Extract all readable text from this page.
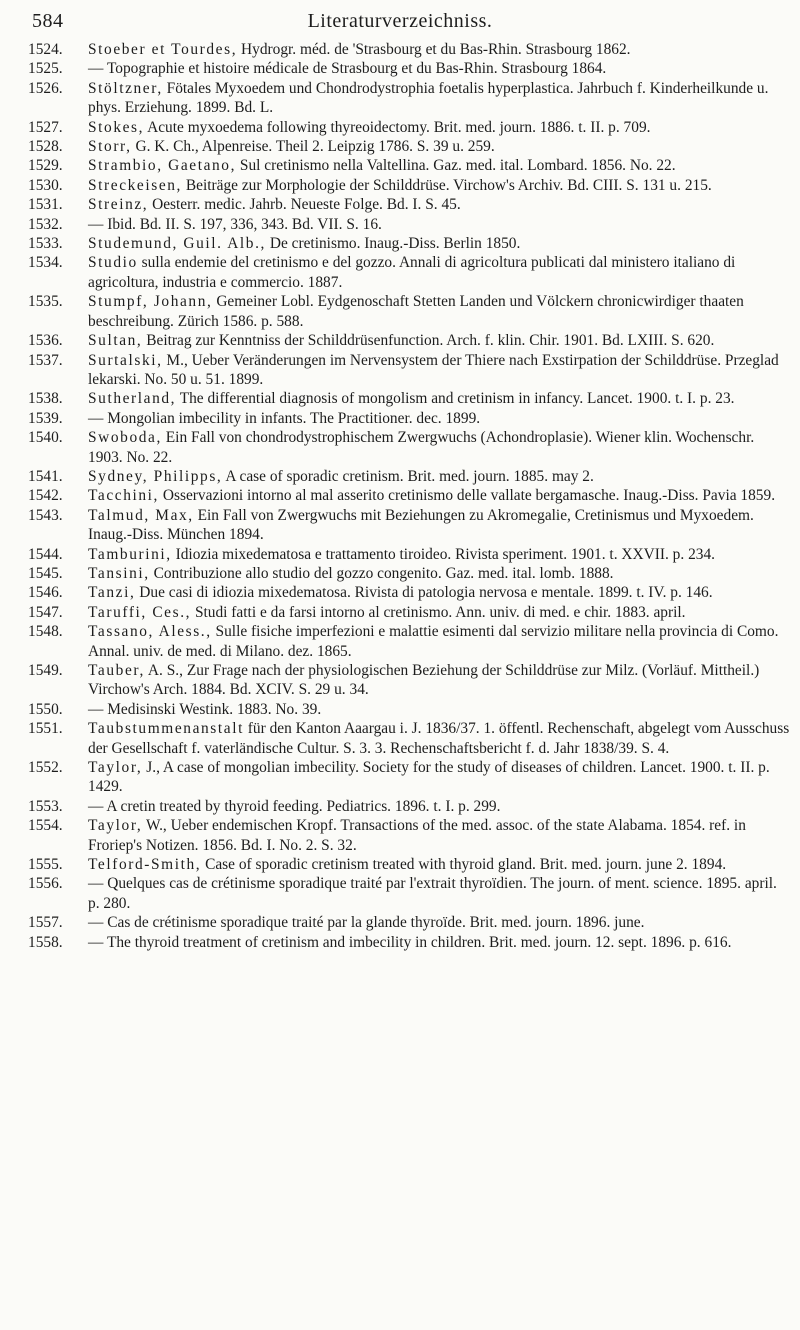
584	Literaturverzeichniss.

1524. Stoeber et Tourdes, Hydrogr. méd. de 'Strasbourg et du Bas-Rhin. Strasbourg 1862.

1525. — Topographie et histoire médicale de Strasbourg et du Bas-Rhin. Strasbourg 1864.

1526. Stöltzner, Fötales Myxoedem und Chondrodystrophia foetalis hyperplastica. Jahrbuch f. Kinderheilkunde u. phys. Erziehung. 1899. Bd. L.

1527. Stokes, Acute myxoedema following thyreoidectomy. Brit. med. journ. 1886. t. II. p. 709.

1528. Storr, G. K. Ch., Alpenreise. Theil 2. Leipzig 1786. S. 39 u. 259.

1529. Strambio, Gaetano, Sul cretinismo nella Valtellina. Gaz. med. ital. Lombard. 1856. No. 22.

1530. Streckeisen, Beiträge zur Morphologie der Schilddrüse. Virchow's Archiv. Bd. CIII. S. 131 u. 215.

1531. Streinz, Oesterr. medic. Jahrb. Neueste Folge. Bd. I. S. 45.

1532. — Ibid. Bd. II. S. 197, 336, 343. Bd. VII. S. 16.

1533. Studemund, Guil. Alb., De cretinismo. Inaug.-Diss. Berlin 1850.

1534. Studio sulla endemie del cretinismo e del gozzo. Annali di agricoltura publicati dal ministero italiano di agricoltura, industria e commercio. 1887.

1535. Stumpf, Johann, Gemeiner Lobl. Eydgenoschaft Stetten Landen und Völckern chronicwirdiger thaaten beschreibung. Zürich 1586. p. 588.

1536. Sultan, Beitrag zur Kenntniss der Schilddrüsenfunction. Arch. f. klin. Chir. 1901. Bd. LXIII. S. 620.

1537. Surtalski, M., Ueber Veränderungen im Nervensystem der Thiere nach Exstirpation der Schilddrüse. Przeglad lekarski. No. 50 u. 51. 1899.

1538. Sutherland, The differential diagnosis of mongolism and cretinism in infancy. Lancet. 1900. t. I. p. 23.

1539. — Mongolian imbecility in infants. The Practitioner. dec. 1899.

1540. Swoboda, Ein Fall von chondrodystrophischem Zwergwuchs (Achondroplasie). Wiener klin. Wochenschr. 1903. No. 22.

1541. Sydney, Philipps, A case of sporadic cretinism. Brit. med. journ. 1885. may 2.

1542. Tacchini, Osservazioni intorno al mal asserito cretinismo delle vallate bergamasche. Inaug.-Diss. Pavia 1859.

1543. Talmud, Max, Ein Fall von Zwergwuchs mit Beziehungen zu Akromegalie, Cretinismus und Myxoedem. Inaug.-Diss. München 1894.

1544. Tamburini, Idiozia mixedematosa e trattamento tiroideo. Rivista speriment. 1901. t. XXVII. p. 234.

1545. Tansini, Contribuzione allo studio del gozzo congenito. Gaz. med. ital. lomb. 1888.

1546. Tanzi, Due casi di idiozia mixedematosa. Rivista di patologia nervosa e mentale. 1899. t. IV. p. 146.

1547. Taruffi, Ces., Studi fatti e da farsi intorno al cretinismo. Ann. univ. di med. e chir. 1883. april.

1548. Tassano, Aless., Sulle fisiche imperfezioni e malattie esimenti dal servizio militare nella provincia di Como. Annal. univ. de med. di Milano. dez. 1865.

1549. Tauber, A. S., Zur Frage nach der physiologischen Beziehung der Schilddrüse zur Milz. (Vorläuf. Mittheil.) Virchow's Arch. 1884. Bd. XCIV. S. 29 u. 34.

1550. — Medisinski Westink. 1883. No. 39.

1551. Taubstummenanstalt für den Kanton Aaargau i. J. 1836/37. 1. öffentl. Rechenschaft, abgelegt vom Ausschuss der Gesellschaft f. vaterländische Cultur. S. 3. 3. Rechenschaftsbericht f. d. Jahr 1838/39. S. 4.

1552. Taylor, J., A case of mongolian imbecility. Society for the study of diseases of children. Lancet. 1900. t. II. p. 1429.

1553. — A cretin treated by thyroid feeding. Pediatrics. 1896. t. I. p. 299.

1554. Taylor, W., Ueber endemischen Kropf. Transactions of the med. assoc. of the state Alabama. 1854. ref. in Froriep's Notizen. 1856. Bd. I. No. 2. S. 32.

1555. Telford-Smith, Case of sporadic cretinism treated with thyroid gland. Brit. med. journ. june 2. 1894.

1556. — Quelques cas de crétinisme sporadique traité par l'extrait thyroïdien. The journ. of ment. science. 1895. april. p. 280.

1557. — Cas de crétinisme sporadique traité par la glande thyroïde. Brit. med. journ. 1896. june.

1558. — The thyroid treatment of cretinism and imbecility in children. Brit. med. journ. 12. sept. 1896. p. 616.
